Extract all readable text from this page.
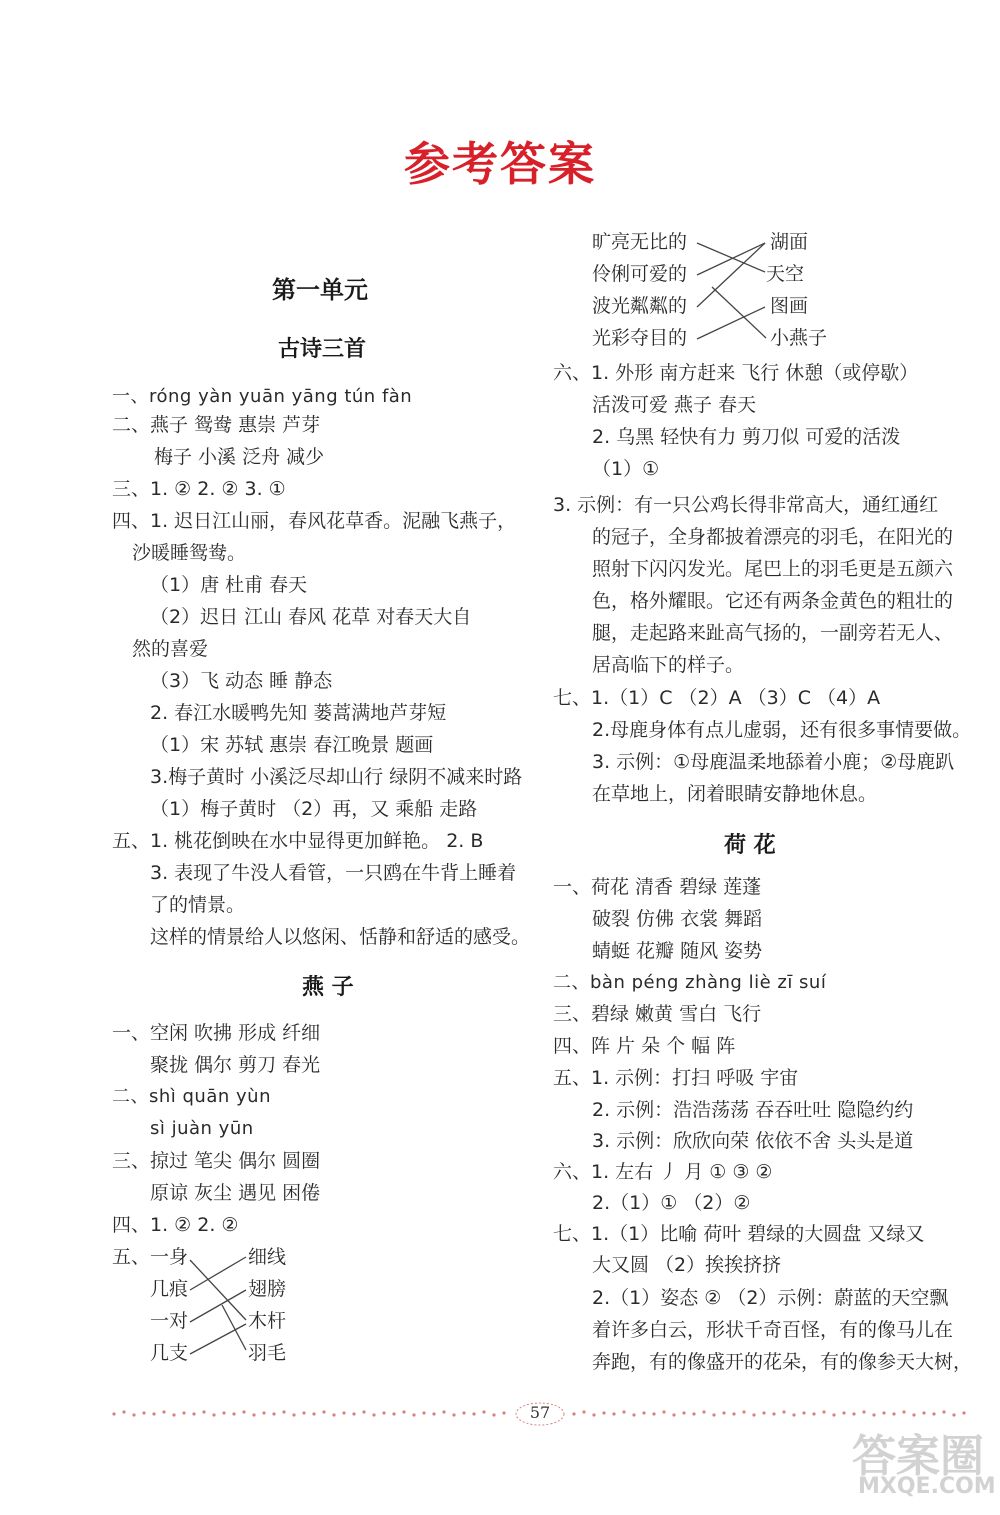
参考答案
第一单元
古诗三首
一、róng yàn yuān yāng tún fàn
二、燕子 鸳鸯 惠崇 芦芽
梅子 小溪 泛舟 减少
三、1. ② 2. ② 3. ①
四、1. 迟日江山丽，春风花草香。泥融飞燕子，
沙暖睡鸳鸯。
（1）唐 杜甫 春天
（2）迟日 江山 春风 花草 对春天大自
然的喜爱
（3）飞 动态 睡 静态
2. 春江水暖鸭先知 蒌蒿满地芦芽短
（1）宋 苏轼 惠崇 春江晚景 题画
3.梅子黄时 小溪泛尽却山行 绿阴不减来时路
（1）梅子黄时 （2）再，又 乘船 走路
五、1. 桃花倒映在水中显得更加鲜艳。 2. B
3. 表现了牛没人看管，一只鸥在牛背上睡着
了的情景。
这样的情景给人以悠闲、恬静和舒适的感受。
燕 子
一、空闲 吹拂 形成 纤细
聚拢 偶尔 剪刀 春光
二、shì quān yùn
sì juàn yūn
三、掠过 笔尖 偶尔 圆圈
原谅 灰尘 遇见 困倦
四、1. ② 2. ②
五、 一身
几痕
一对
几支
细线
翅膀
木杆
羽毛
旷亮无比的
伶俐可爱的
波光粼粼的
光彩夺目的
湖面
天空
图画
小燕子
六、1. 外形 南方赶来 飞行 休憩（或停歇）
活泼可爱 燕子 春天
2. 乌黑 轻快有力 剪刀似 可爱的活泼
（1）①
3. 示例：有一只公鸡长得非常高大，通红通红
的冠子，全身都披着漂亮的羽毛，在阳光的
照射下闪闪发光。尾巴上的羽毛更是五颜六
色，格外耀眼。它还有两条金黄色的粗壮的
腿，走起路来趾高气扬的，一副旁若无人、
居高临下的样子。
七、1.（1）C （2）A （3）C （4）A
2.母鹿身体有点儿虚弱，还有很多事情要做。
3. 示例：①母鹿温柔地舔着小鹿；②母鹿趴
在草地上，闭着眼睛安静地休息。
荷 花
一、荷花 清香 碧绿 莲蓬
破裂 仿佛 衣裳 舞蹈
蜻蜓 花瓣 随风 姿势
二、bàn péng zhàng liè zī suí
三、碧绿 嫩黄 雪白 飞行
四、阵 片 朵 个 幅 阵
五、1. 示例：打扫 呼吸 宇宙
2. 示例：浩浩荡荡 吞吞吐吐 隐隐约约
3. 示例：欣欣向荣 依依不舍 头头是道
六、1. 左右 丿 月 ① ③ ②
2.（1）① （2）②
七、1.（1）比喻 荷叶 碧绿的大圆盘 又绿又
大又圆 （2）挨挨挤挤
2.（1）姿态 ② （2）示例：蔚蓝的天空飘
着许多白云，形状千奇百怪，有的像马儿在
奔跑，有的像盛开的花朵，有的像参天大树，
57
答案圈
MXQE.COM
